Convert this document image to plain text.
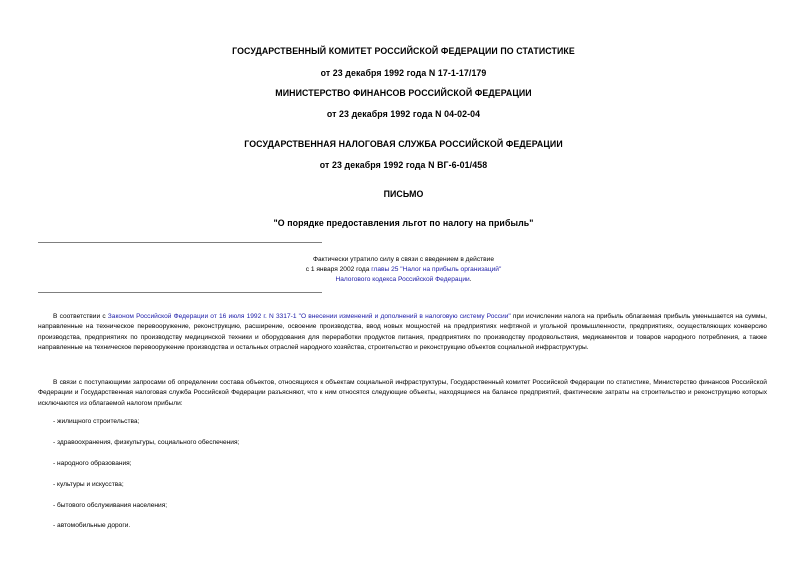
ГОСУДАРСТВЕННЫЙ КОМИТЕТ РОССИЙСКОЙ ФЕДЕРАЦИИ ПО СТАТИСТИКЕ
от 23 декабря 1992 года N 17-1-17/179
МИНИСТЕРСТВО ФИНАНСОВ РОССИЙСКОЙ ФЕДЕРАЦИИ
от 23 декабря 1992 года N 04-02-04
ГОСУДАРСТВЕННАЯ НАЛОГОВАЯ СЛУЖБА РОССИЙСКОЙ ФЕДЕРАЦИИ
от 23 декабря 1992 года N ВГ-6-01/458
ПИСЬМО
"О порядке предоставления льгот по налогу на прибыль"
Фактически утратило силу в связи с введением в действие
с 1 января 2002 года главы 25 "Налог на прибыль организаций"
Налогового кодекса Российской Федерации.
В соответствии с Законом Российской Федерации от 16 июля 1992 г. N 3317-1 "О внесении изменений и дополнений в налоговую систему России" при исчислении налога на прибыль облагаемая прибыль уменьшается на суммы, направленные на техническое перевооружение, реконструкцию, расширение, освоение производства, ввод новых мощностей на предприятиях нефтяной и угольной промышленности, предприятиях, осуществляющих конверсию производства, предприятиях по производству медицинской техники и оборудования для переработки продуктов питания, предприятиях по производству продовольствия, медикаментов и товаров народного потребления, а также направленные на техническое перевооружение производства и остальных отраслей народного хозяйства, строительство и реконструкцию объектов социальной инфраструктуры.
В связи с поступающими запросами об определении состава объектов, относящихся к объектам социальной инфраструктуры, Государственный комитет Российской Федерации по статистике, Министерство финансов Российской Федерации и Государственная налоговая служба Российской Федерации разъясняют, что к ним относятся следующие объекты, находящиеся на балансе предприятий, фактические затраты на строительство и реконструкцию которых исключаются из облагаемой налогом прибыли:
- жилищного строительства;
- здравоохранения, физкультуры, социального обеспечения;
- народного образования;
- культуры и искусства;
- бытового обслуживания населения;
- автомобильные дороги.
